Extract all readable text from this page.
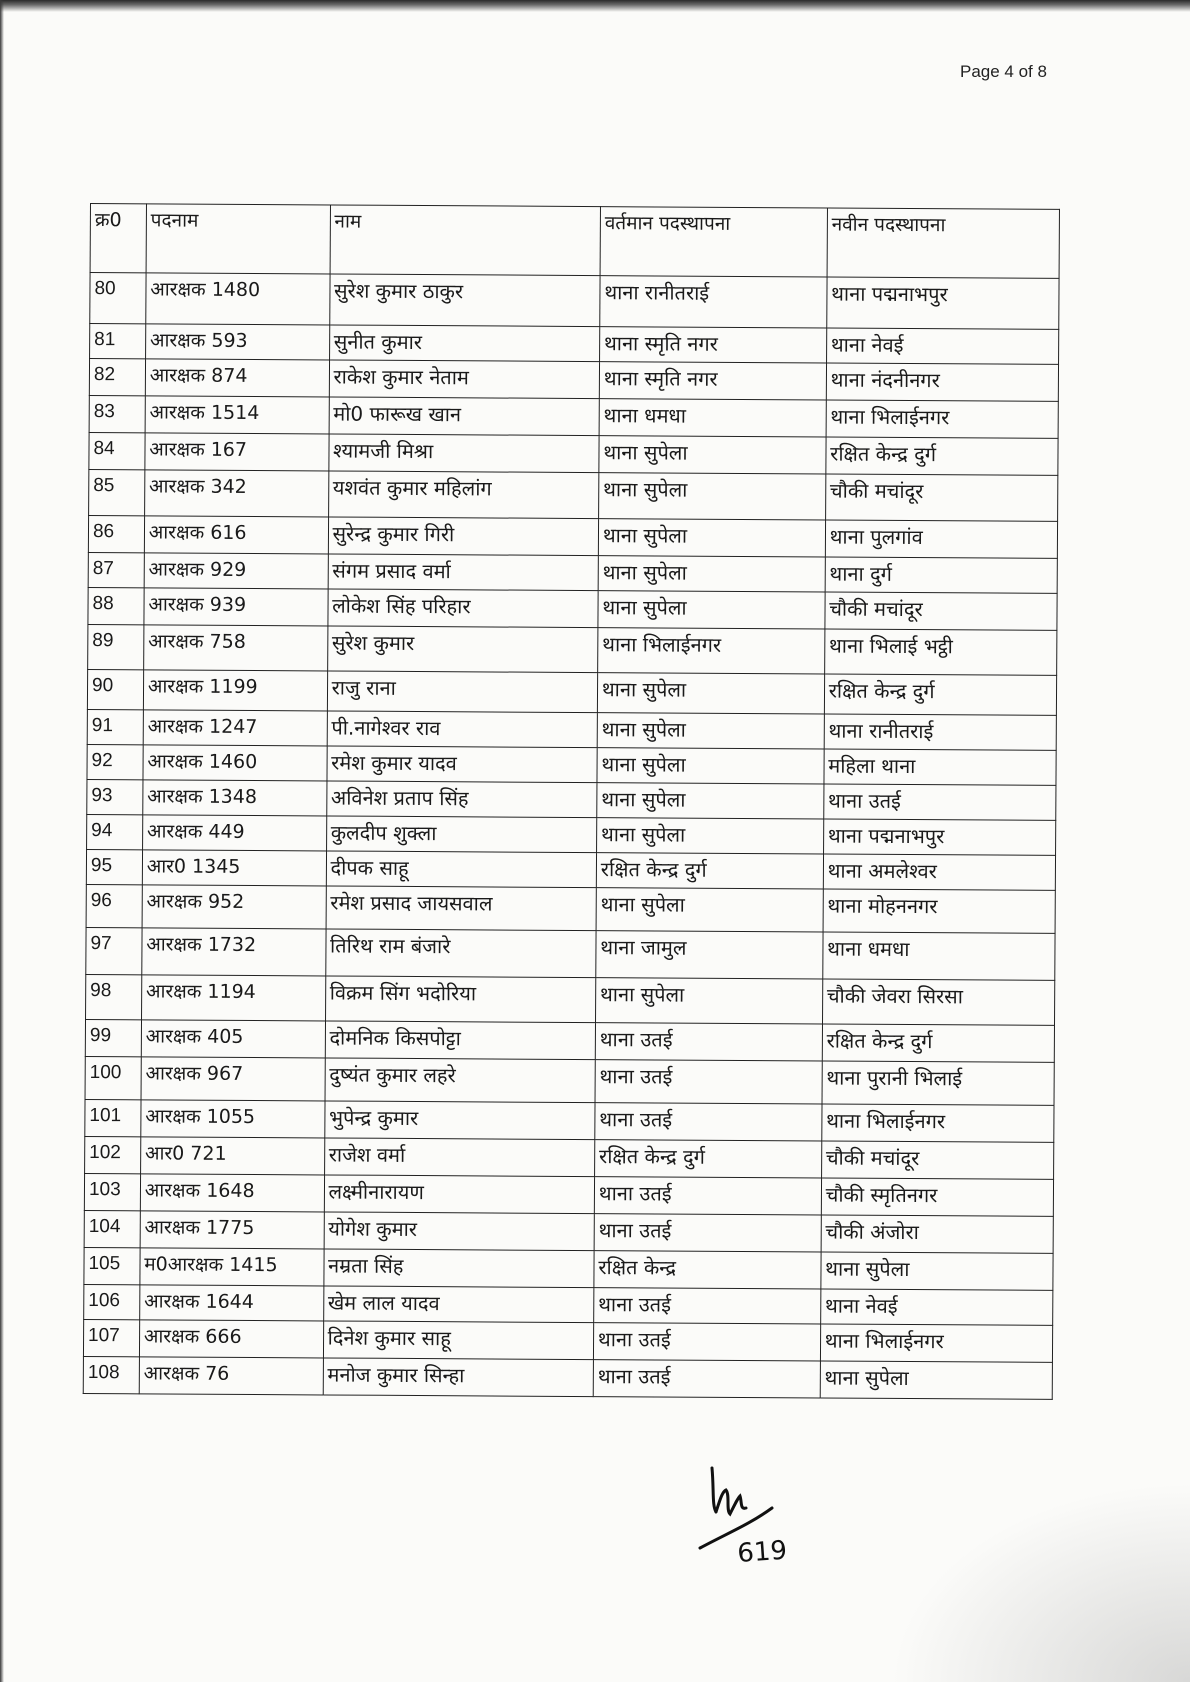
Page 4 of 8
क्र0	पदनाम	नाम	वर्तमान पदस्थापना	नवीन पदस्थापना
80	आरक्षक 1480	सुरेश कुमार ठाकुर	थाना रानीतराई	थाना पद्मनाभपुर
81	आरक्षक 593	सुनीत कुमार	थाना स्मृति नगर	थाना नेवई
82	आरक्षक 874	राकेश कुमार नेताम	थाना स्मृति नगर	थाना नंदनीनगर
83	आरक्षक 1514	मो0 फारूख खान	थाना धमधा	थाना भिलाईनगर
84	आरक्षक 167	श्यामजी मिश्रा	थाना सुपेला	रक्षित केन्द्र दुर्ग
85	आरक्षक 342	यशवंत कुमार महिलांग	थाना सुपेला	चौकी मचांदूर
86	आरक्षक 616	सुरेन्द्र कुमार गिरी	थाना सुपेला	थाना पुलगांव
87	आरक्षक 929	संगम प्रसाद वर्मा	थाना सुपेला	थाना दुर्ग
88	आरक्षक 939	लोकेश सिंह परिहार	थाना सुपेला	चौकी मचांदूर
89	आरक्षक 758	सुरेश कुमार	थाना भिलाईनगर	थाना भिलाई भट्ठी
90	आरक्षक 1199	राजु राना	थाना सुपेला	रक्षित केन्द्र दुर्ग
91	आरक्षक 1247	पी.नागेश्वर राव	थाना सुपेला	थाना रानीतराई
92	आरक्षक 1460	रमेश कुमार यादव	थाना सुपेला	महिला थाना
93	आरक्षक 1348	अविनेश प्रताप सिंह	थाना सुपेला	थाना उतई
94	आरक्षक 449	कुलदीप शुक्ला	थाना सुपेला	थाना पद्मनाभपुर
95	आर0 1345	दीपक साहू	रक्षित केन्द्र दुर्ग	थाना अमलेश्वर
96	आरक्षक 952	रमेश प्रसाद जायसवाल	थाना सुपेला	थाना मोहननगर
97	आरक्षक 1732	तिरिथ राम बंजारे	थाना जामुल	थाना धमधा
98	आरक्षक 1194	विक्रम सिंग भदोरिया	थाना सुपेला	चौकी जेवरा सिरसा
99	आरक्षक 405	दोमनिक किसपोट्टा	थाना उतई	रक्षित केन्द्र दुर्ग
100	आरक्षक 967	दुष्यंत कुमार लहरे	थाना उतई	थाना पुरानी भिलाई
101	आरक्षक 1055	भुपेन्द्र कुमार	थाना उतई	थाना भिलाईनगर
102	आर0 721	राजेश वर्मा	रक्षित केन्द्र दुर्ग	चौकी मचांदूर
103	आरक्षक 1648	लक्ष्मीनारायण	थाना उतई	चौकी स्मृतिनगर
104	आरक्षक 1775	योगेश कुमार	थाना उतई	चौकी अंजोरा
105	म0आरक्षक 1415	नम्रता सिंह	रक्षित केन्द्र	थाना सुपेला
106	आरक्षक 1644	खेम लाल यादव	थाना उतई	थाना नेवई
107	आरक्षक 666	दिनेश कुमार साहू	थाना उतई	थाना भिलाईनगर
108	आरक्षक 76	मनोज कुमार सिन्हा	थाना उतई	थाना सुपेला
619
